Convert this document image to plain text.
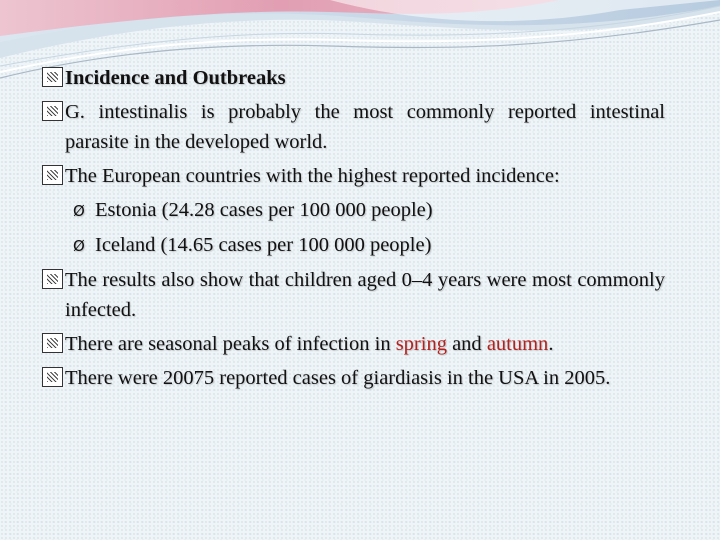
Incidence and Outbreaks
G. intestinalis is probably the most commonly reported intestinal parasite in the developed world.
The European countries with the highest reported incidence:
Ø Estonia (24.28 cases per 100 000 people)
Ø Iceland (14.65 cases per 100 000 people)
The results also show that children aged 0–4 years were most commonly infected.
There are seasonal peaks of infection in spring and autumn.
There were 20075 reported cases of giardiasis in the USA in 2005.
